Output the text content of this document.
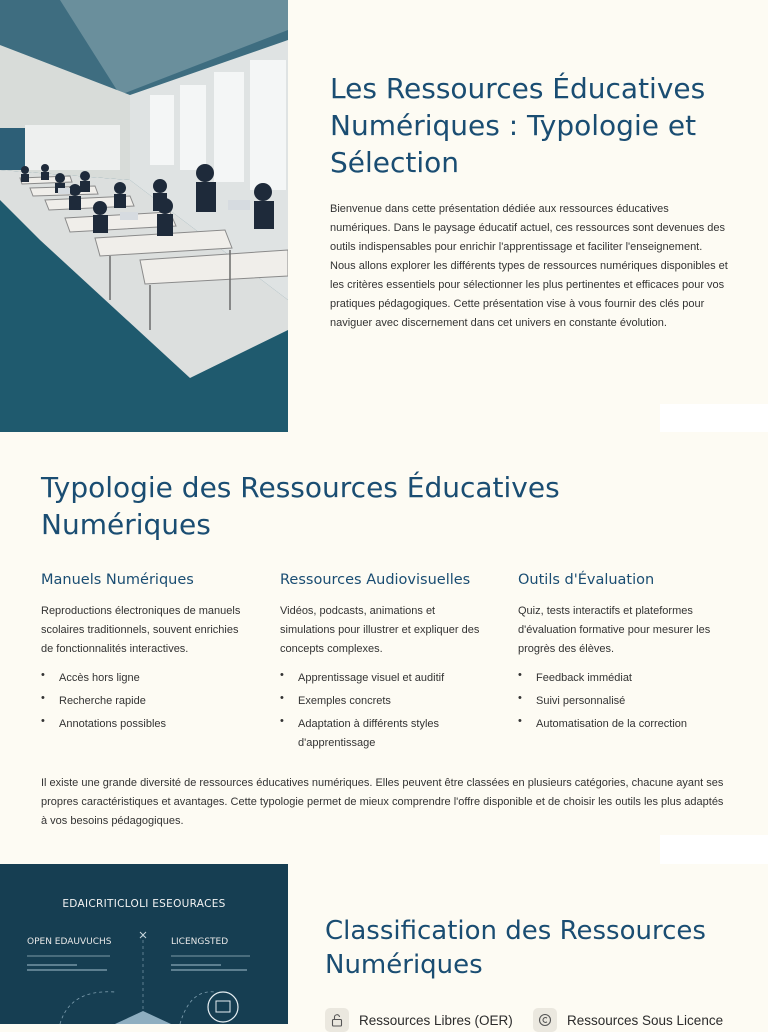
Les Ressources Éducatives Numériques : Typologie et Sélection

Bienvenue dans cette présentation dédiée aux ressources éducatives numériques. Dans le paysage éducatif actuel, ces ressources sont devenues des outils indispensables pour enrichir l'apprentissage et faciliter l'enseignement. Nous allons explorer les différents types de ressources numériques disponibles et les critères essentiels pour sélectionner les plus pertinentes et efficaces pour vos pratiques pédagogiques. Cette présentation vise à vous fournir des clés pour naviguer avec discernement dans cet univers en constante évolution.

Typologie des Ressources Éducatives Numériques
Manuels Numériques

Reproductions électroniques de manuels scolaires traditionnels, souvent enrichies de fonctionnalités interactives.

• Accès hors ligne
• Recherche rapide
• Annotations possibles
Ressources Audiovisuelles

Vidéos, podcasts, animations et simulations pour illustrer et expliquer des concepts complexes.

• Apprentissage visuel et auditif
• Exemples concrets
• Adaptation à différents styles d'apprentissage
Outils d'Évaluation

Quiz, tests interactifs et plateformes d'évaluation formative pour mesurer les progrès des élèves.

• Feedback immédiat
• Suivi personnalisé
• Automatisation de la correction

Il existe une grande diversité de ressources éducatives numériques. Elles peuvent être classées en plusieurs catégories, chacune ayant ses propres caractéristiques et avantages. Cette typologie permet de mieux comprendre l'offre disponible et de choisir les outils les plus adaptés à vos besoins pédagogiques.

EDAICRITICLOLI ESEOURACES
OPEN EDAUVUCHS	LICENGSTED	Classification des Ressources Numériques
Ressources Libres (OER)	Ressources Sous Licence
